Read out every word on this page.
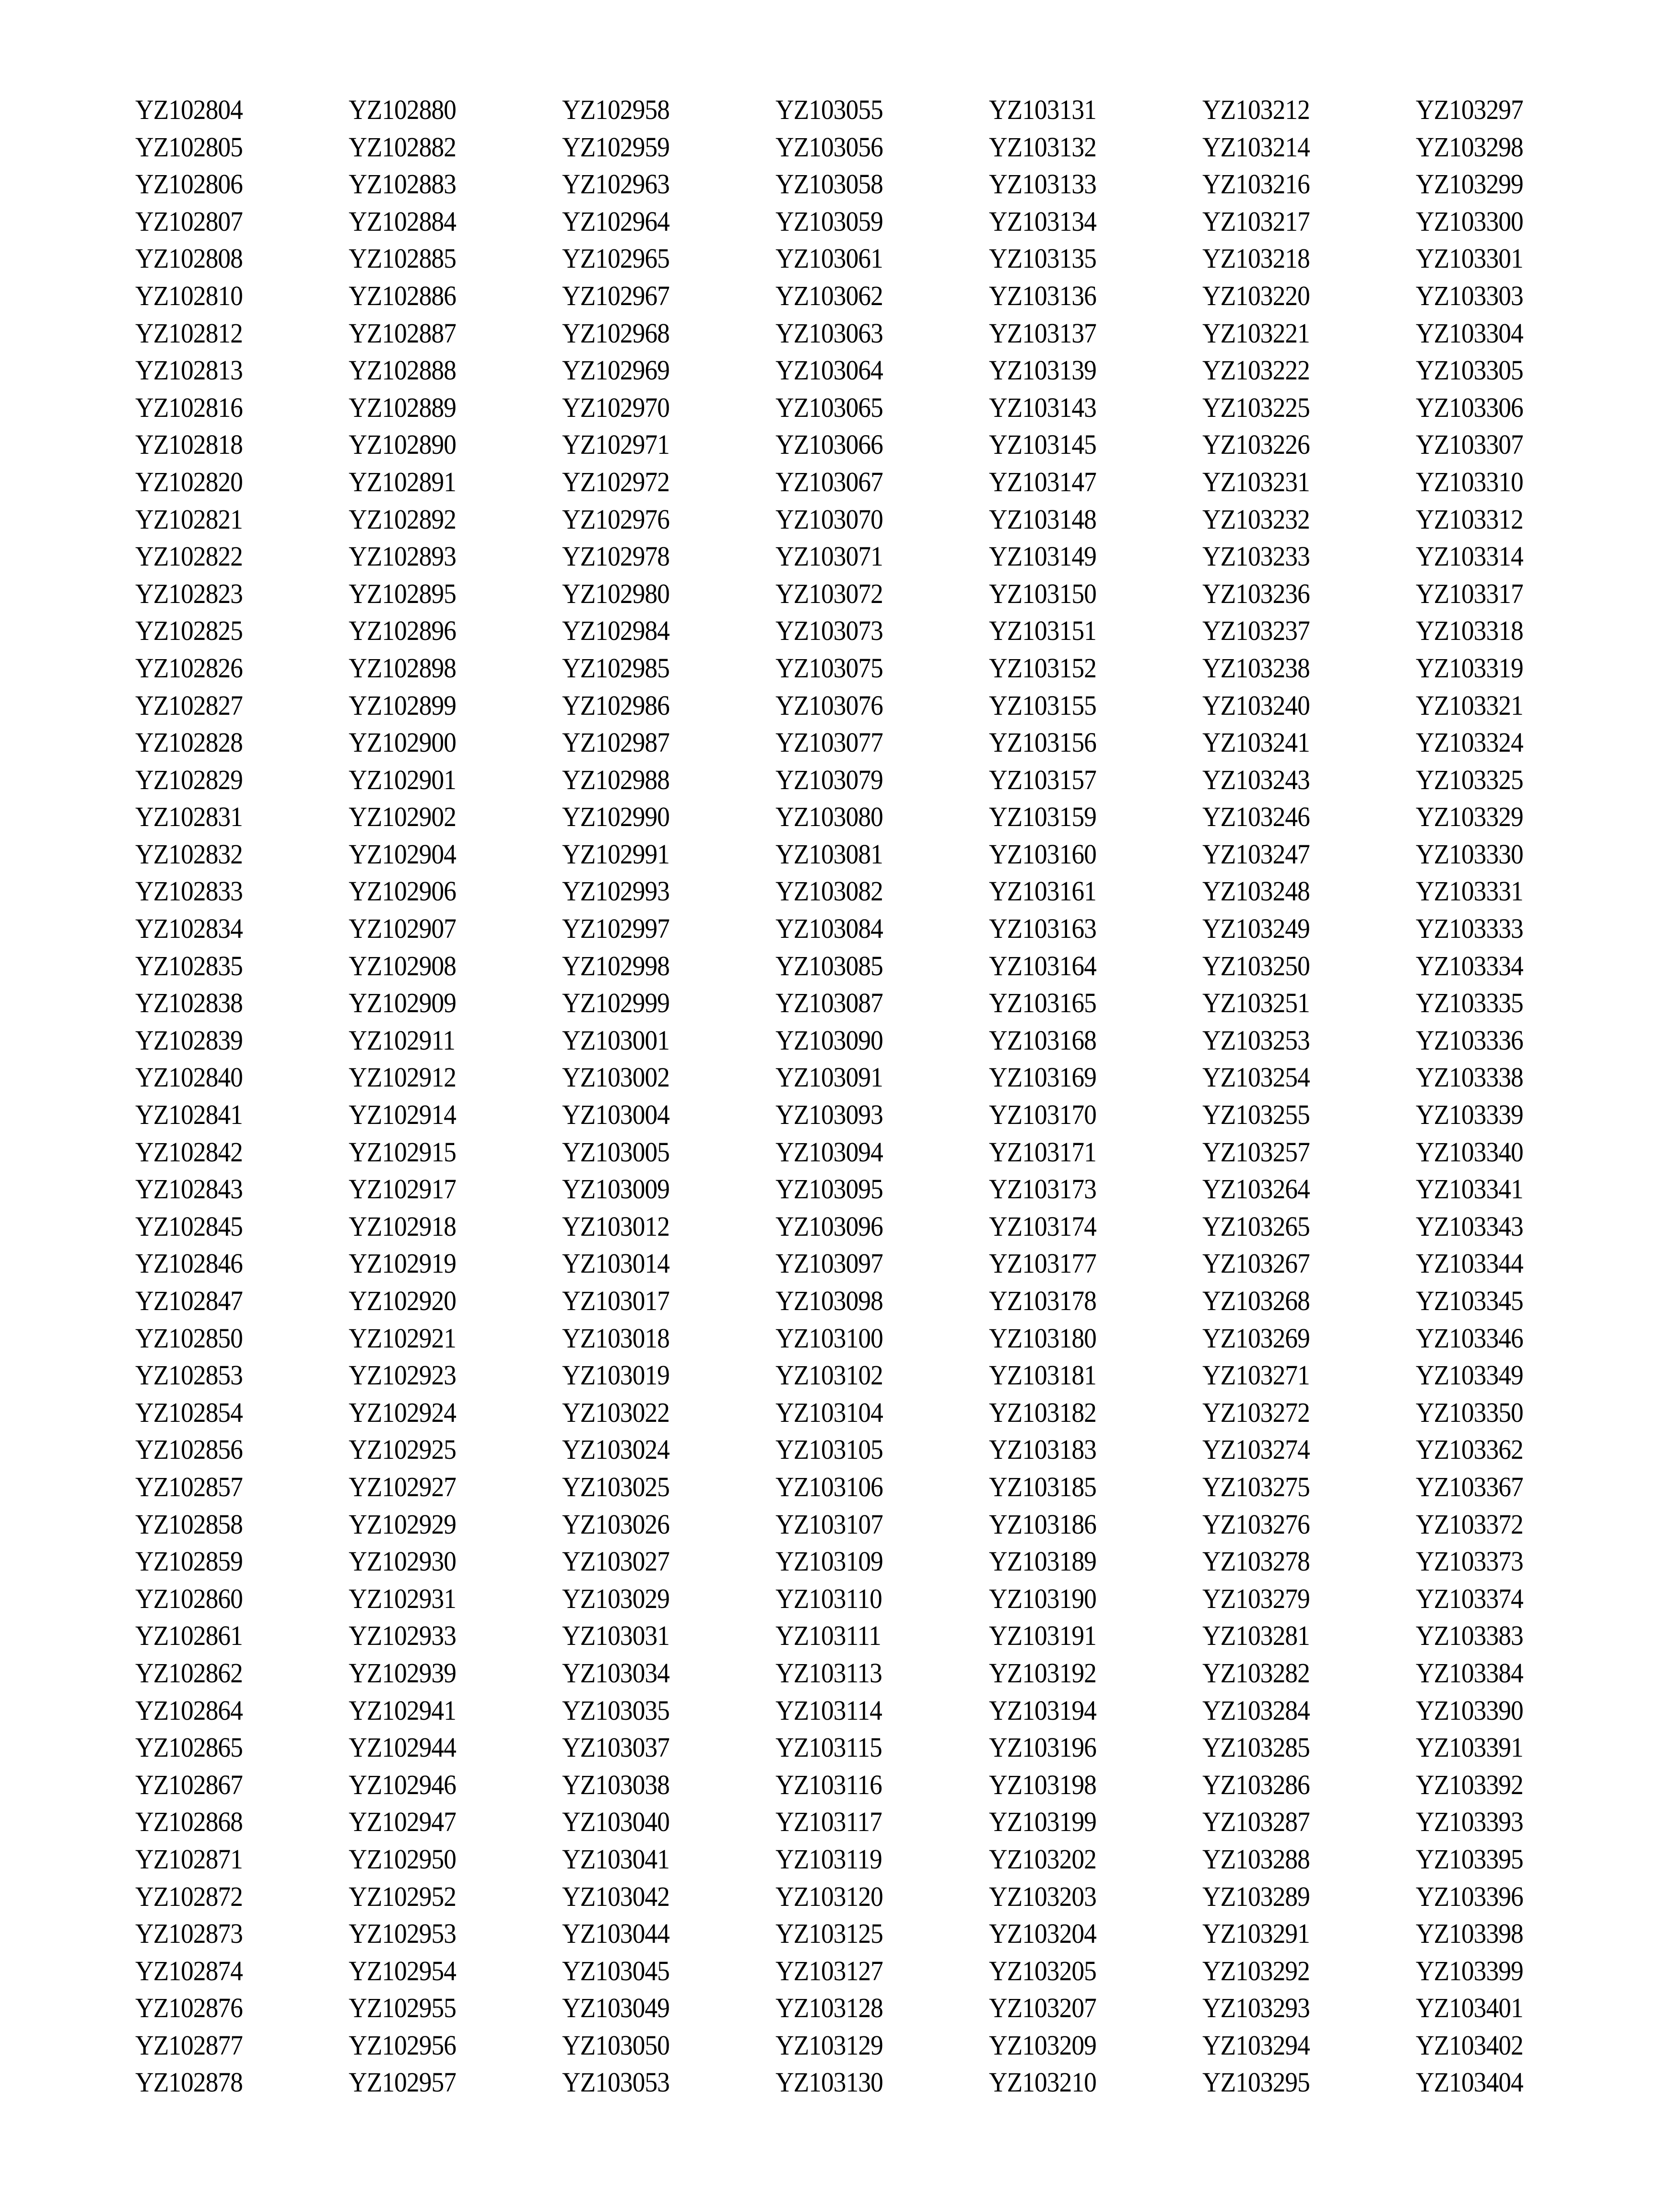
YZ102804
YZ102805
YZ102806
YZ102807
YZ102808
YZ102810
YZ102812
YZ102813
YZ102816
YZ102818
YZ102820
YZ102821
YZ102822
YZ102823
YZ102825
YZ102826
YZ102827
YZ102828
YZ102829
YZ102831
YZ102832
YZ102833
YZ102834
YZ102835
YZ102838
YZ102839
YZ102840
YZ102841
YZ102842
YZ102843
YZ102845
YZ102846
YZ102847
YZ102850
YZ102853
YZ102854
YZ102856
YZ102857
YZ102858
YZ102859
YZ102860
YZ102861
YZ102862
YZ102864
YZ102865
YZ102867
YZ102868
YZ102871
YZ102872
YZ102873
YZ102874
YZ102876
YZ102877
YZ102878
YZ102880
YZ102882
YZ102883
YZ102884
YZ102885
YZ102886
YZ102887
YZ102888
YZ102889
YZ102890
YZ102891
YZ102892
YZ102893
YZ102895
YZ102896
YZ102898
YZ102899
YZ102900
YZ102901
YZ102902
YZ102904
YZ102906
YZ102907
YZ102908
YZ102909
YZ102911
YZ102912
YZ102914
YZ102915
YZ102917
YZ102918
YZ102919
YZ102920
YZ102921
YZ102923
YZ102924
YZ102925
YZ102927
YZ102929
YZ102930
YZ102931
YZ102933
YZ102939
YZ102941
YZ102944
YZ102946
YZ102947
YZ102950
YZ102952
YZ102953
YZ102954
YZ102955
YZ102956
YZ102957
YZ102958
YZ102959
YZ102963
YZ102964
YZ102965
YZ102967
YZ102968
YZ102969
YZ102970
YZ102971
YZ102972
YZ102976
YZ102978
YZ102980
YZ102984
YZ102985
YZ102986
YZ102987
YZ102988
YZ102990
YZ102991
YZ102993
YZ102997
YZ102998
YZ102999
YZ103001
YZ103002
YZ103004
YZ103005
YZ103009
YZ103012
YZ103014
YZ103017
YZ103018
YZ103019
YZ103022
YZ103024
YZ103025
YZ103026
YZ103027
YZ103029
YZ103031
YZ103034
YZ103035
YZ103037
YZ103038
YZ103040
YZ103041
YZ103042
YZ103044
YZ103045
YZ103049
YZ103050
YZ103053
YZ103055
YZ103056
YZ103058
YZ103059
YZ103061
YZ103062
YZ103063
YZ103064
YZ103065
YZ103066
YZ103067
YZ103070
YZ103071
YZ103072
YZ103073
YZ103075
YZ103076
YZ103077
YZ103079
YZ103080
YZ103081
YZ103082
YZ103084
YZ103085
YZ103087
YZ103090
YZ103091
YZ103093
YZ103094
YZ103095
YZ103096
YZ103097
YZ103098
YZ103100
YZ103102
YZ103104
YZ103105
YZ103106
YZ103107
YZ103109
YZ103110
YZ103111
YZ103113
YZ103114
YZ103115
YZ103116
YZ103117
YZ103119
YZ103120
YZ103125
YZ103127
YZ103128
YZ103129
YZ103130
YZ103131
YZ103132
YZ103133
YZ103134
YZ103135
YZ103136
YZ103137
YZ103139
YZ103143
YZ103145
YZ103147
YZ103148
YZ103149
YZ103150
YZ103151
YZ103152
YZ103155
YZ103156
YZ103157
YZ103159
YZ103160
YZ103161
YZ103163
YZ103164
YZ103165
YZ103168
YZ103169
YZ103170
YZ103171
YZ103173
YZ103174
YZ103177
YZ103178
YZ103180
YZ103181
YZ103182
YZ103183
YZ103185
YZ103186
YZ103189
YZ103190
YZ103191
YZ103192
YZ103194
YZ103196
YZ103198
YZ103199
YZ103202
YZ103203
YZ103204
YZ103205
YZ103207
YZ103209
YZ103210
YZ103212
YZ103214
YZ103216
YZ103217
YZ103218
YZ103220
YZ103221
YZ103222
YZ103225
YZ103226
YZ103231
YZ103232
YZ103233
YZ103236
YZ103237
YZ103238
YZ103240
YZ103241
YZ103243
YZ103246
YZ103247
YZ103248
YZ103249
YZ103250
YZ103251
YZ103253
YZ103254
YZ103255
YZ103257
YZ103264
YZ103265
YZ103267
YZ103268
YZ103269
YZ103271
YZ103272
YZ103274
YZ103275
YZ103276
YZ103278
YZ103279
YZ103281
YZ103282
YZ103284
YZ103285
YZ103286
YZ103287
YZ103288
YZ103289
YZ103291
YZ103292
YZ103293
YZ103294
YZ103295
YZ103297
YZ103298
YZ103299
YZ103300
YZ103301
YZ103303
YZ103304
YZ103305
YZ103306
YZ103307
YZ103310
YZ103312
YZ103314
YZ103317
YZ103318
YZ103319
YZ103321
YZ103324
YZ103325
YZ103329
YZ103330
YZ103331
YZ103333
YZ103334
YZ103335
YZ103336
YZ103338
YZ103339
YZ103340
YZ103341
YZ103343
YZ103344
YZ103345
YZ103346
YZ103349
YZ103350
YZ103362
YZ103367
YZ103372
YZ103373
YZ103374
YZ103383
YZ103384
YZ103390
YZ103391
YZ103392
YZ103393
YZ103395
YZ103396
YZ103398
YZ103399
YZ103401
YZ103402
YZ103404
